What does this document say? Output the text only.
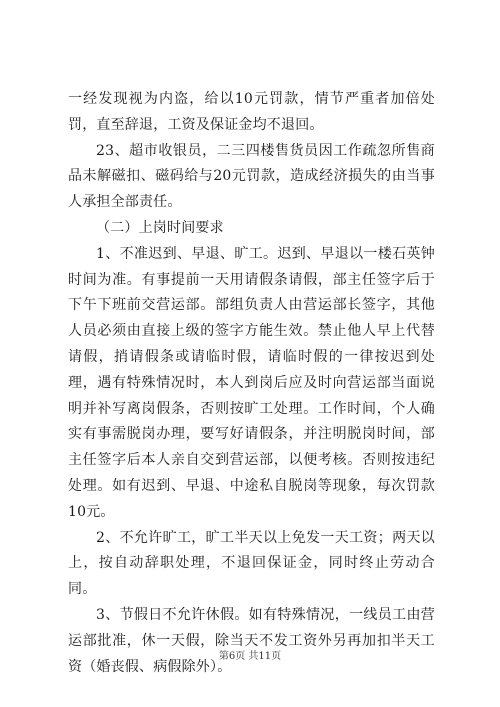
一经发现视为内盗，给以10元罚款，情节严重者加倍处罚，直至辞退，工资及保证金均不退回。

23、超市收银员，二三四楼售货员因工作疏忽所售商品未解磁扣、磁码给与20元罚款，造成经济损失的由当事人承担全部责任。

（二）上岗时间要求

1、不准迟到、早退、旷工。迟到、早退以一楼石英钟时间为准。有事提前一天用请假条请假，部主任签字后于下午下班前交营运部。部组负责人由营运部长签字，其他人员必须由直接上级的签字方能生效。禁止他人早上代替请假，捎请假条或请临时假，请临时假的一律按迟到处理，遇有特殊情况时，本人到岗后应及时向营运部当面说明并补写离岗假条，否则按旷工处理。工作时间，个人确实有事需脱岗办理，要写好请假条，并注明脱岗时间，部主任签字后本人亲自交到营运部，以便考核。否则按违纪处理。如有迟到、早退、中途私自脱岗等现象，每次罚款10元。

2、不允许旷工，旷工半天以上免发一天工资；两天以上，按自动辞职处理，不退回保证金，同时终止劳动合同。

3、节假日不允许休假。如有特殊情况，一线员工由营运部批准，休一天假，除当天不发工资外另再加扣半天工资（婚丧假、病假除外）。

第6页 共11页
